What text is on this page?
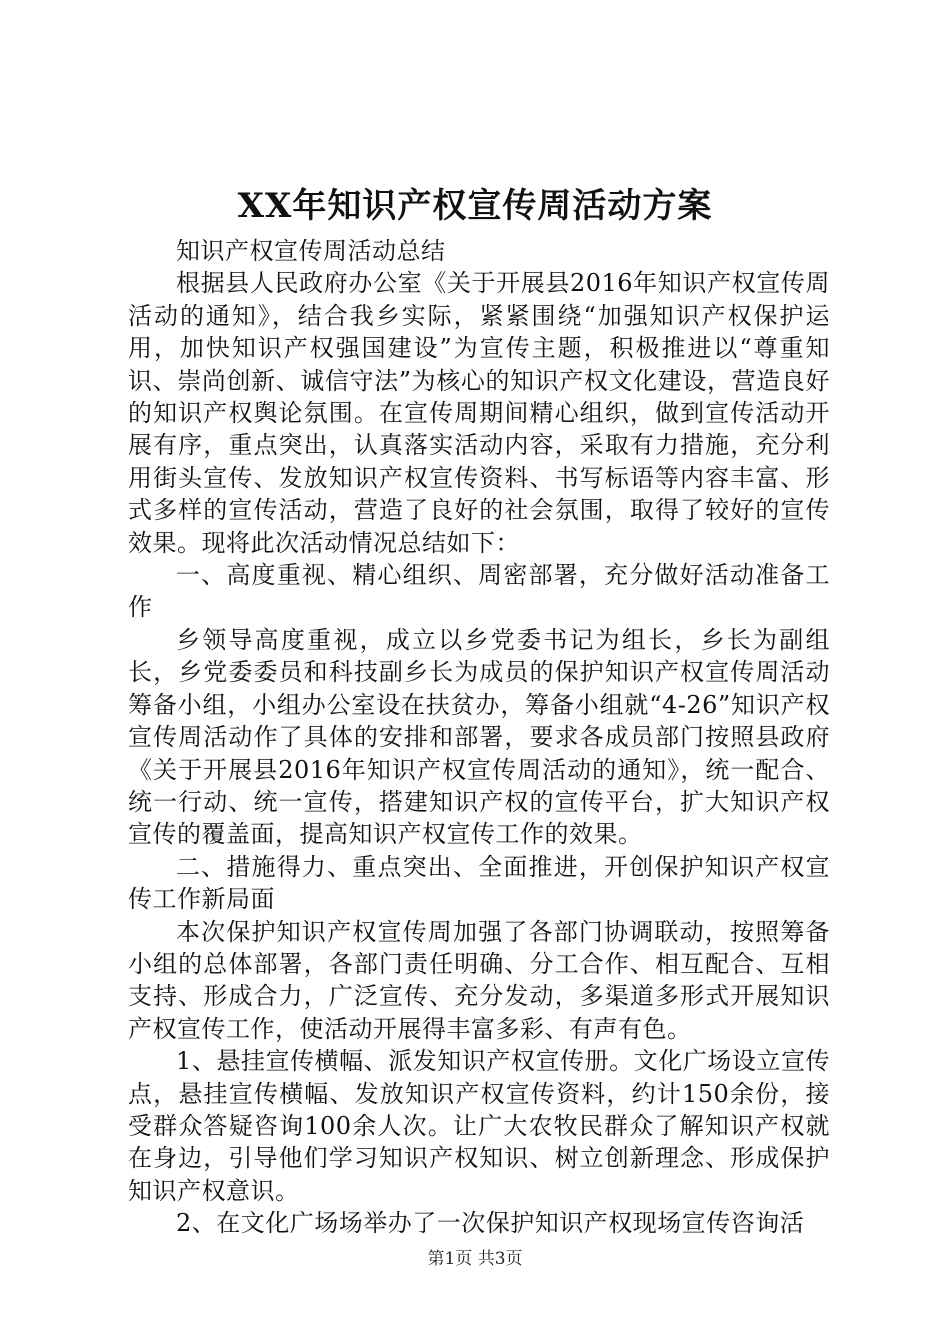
XX年知识产权宣传周活动方案

知识产权宣传周活动总结

根据县人民政府办公室《关于开展县2016年知识产权宣传周活动的通知》，结合我乡实际，紧紧围绕“加强知识产权保护运用，加快知识产权强国建设”为宣传主题，积极推进以“尊重知识、崇尚创新、诚信守法”为核心的知识产权文化建设，营造良好的知识产权舆论氛围。在宣传周期间精心组织，做到宣传活动开展有序，重点突出，认真落实活动内容，采取有力措施，充分利用街头宣传、发放知识产权宣传资料、书写标语等内容丰富、形式多样的宣传活动，营造了良好的社会氛围，取得了较好的宣传效果。现将此次活动情况总结如下：

一、高度重视、精心组织、周密部署，充分做好活动准备工作

乡领导高度重视，成立以乡党委书记为组长，乡长为副组长，乡党委委员和科技副乡长为成员的保护知识产权宣传周活动筹备小组，小组办公室设在扶贫办，筹备小组就“4-26”知识产权宣传周活动作了具体的安排和部署，要求各成员部门按照县政府《关于开展县2016年知识产权宣传周活动的通知》，统一配合、统一行动、统一宣传，搭建知识产权的宣传平台，扩大知识产权宣传的覆盖面，提高知识产权宣传工作的效果。

二、措施得力、重点突出、全面推进，开创保护知识产权宣传工作新局面

本次保护知识产权宣传周加强了各部门协调联动，按照筹备小组的总体部署，各部门责任明确、分工合作、相互配合、互相支持、形成合力，广泛宣传、充分发动，多渠道多形式开展知识产权宣传工作，使活动开展得丰富多彩、有声有色。

1、悬挂宣传横幅、派发知识产权宣传册。文化广场设立宣传点，悬挂宣传横幅、发放知识产权宣传资料，约计150余份，接受群众答疑咨询100余人次。让广大农牧民群众了解知识产权就在身边，引导他们学习知识产权知识、树立创新理念、形成保护知识产权意识。

2、在文化广场场举办了一次保护知识产权现场宣传咨询活

第1页 共3页
